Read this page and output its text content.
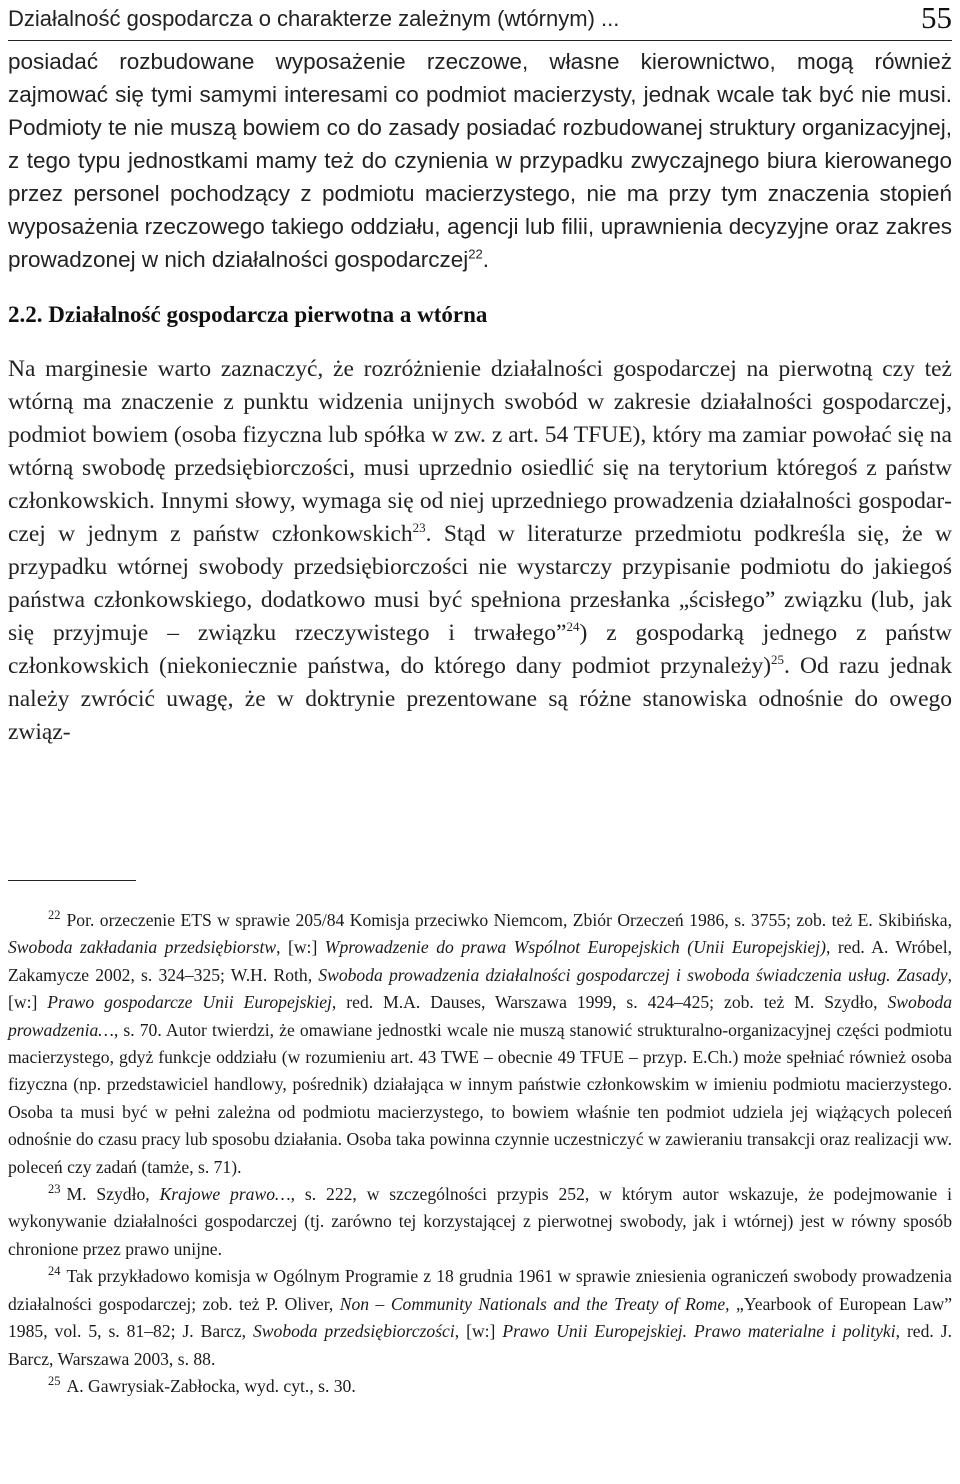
Działalność gospodarcza o charakterze zależnym (wtórnym) ...	55

posiadać rozbudowane wyposażenie rzeczowe, własne kierownictwo, mogą również zajmować się tymi samymi interesami co podmiot macierzysty, jednak wcale tak być nie musi. Podmioty te nie muszą bowiem co do zasady posiadać rozbudowanej struktury organizacyjnej, z tego typu jednostkami mamy też do czynienia w przypadku zwyczajnego biura kierowanego przez personel pochodzący z podmiotu macierzystego, nie ma przy tym znaczenia stopień wyposażenia rzeczowego takiego oddziału, agencji lub filii, uprawnienia decyzyjne oraz zakres prowadzonej w nich działalności gospodarczej$^{22}$.

2.2. Działalność gospodarcza pierwotna a wtórna

Na marginesie warto zaznaczyć, że rozróżnienie działalności gospodarczej na pierwotną czy też wtórną ma znaczenie z punktu widzenia unijnych swobód w zakresie działalności gospodarczej, podmiot bowiem (osoba fizyczna lub spółka w zw. z art. 54 TFUE), który ma zamiar powołać się na wtórną swobodę przedsiębiorczości, musi uprzednio osiedlić się na terytorium któregoś z państw członkowskich. Innymi słowy, wymaga się od niej uprzedniego prowadzenia działalności gospodarczej w jednym z państw członkowskich$^{23}$. Stąd w literaturze przedmiotu podkreśla się, że w przypadku wtórnej swobody przedsiębiorczości nie wystarczy przypisanie podmiotu do jakiegoś państwa członkowskiego, dodatkowo musi być spełniona przesłanka „ścisłego” związku (lub, jak się przyjmuje – związku rzeczywistego i trwałego”$^{24}$) z gospodarką jednego z państw członkowskich (niekoniecznie państwa, do którego dany podmiot przynależy)$^{25}$. Od razu jednak należy zwrócić uwagę, że w doktrynie prezentowane są różne stanowiska odnośnie do owego związ-

$^{22}$ Por. orzeczenie ETS w sprawie 205/84 Komisja przeciwko Niemcom, Zbiór Orzeczeń 1986, s. 3755; zob. też E. Skibińska, Swoboda zakładania przedsiębiorstw, [w:] Wprowadzenie do prawa Wspólnot Europejskich (Unii Europejskiej), red. A. Wróbel, Zakamycze 2002, s. 324–325; W.H. Roth, Swoboda prowadzenia działalności gospodarczej i swoboda świadczenia usług. Zasady, [w:] Prawo gospodarcze Unii Europejskiej, red. M.A. Dauses, Warszawa 1999, s. 424–425; zob. też M. Szydło, Swoboda prowadzenia…, s. 70. Autor twierdzi, że omawiane jednostki wcale nie muszą stanowić strukturalno-organizacyjnej części podmiotu macierzystego, gdyż funkcje oddziału (w rozumieniu art. 43 TWE – obecnie 49 TFUE – przyp. E.Ch.) może spełniać również osoba fizyczna (np. przedstawiciel handlowy, pośrednik) działająca w innym państwie członkowskim w imieniu podmiotu macierzystego. Osoba ta musi być w pełni zależna od podmiotu macierzystego, to bowiem właśnie ten podmiot udziela jej wiążących poleceń odnośnie do czasu pracy lub sposobu działania. Osoba taka powinna czynnie uczestniczyć w zawieraniu transakcji oraz realizacji ww. poleceń czy zadań (tamże, s. 71).

$^{23}$ M. Szydło, Krajowe prawo…, s. 222, w szczególności przypis 252, w którym autor wskazuje, że podejmowanie i wykonywanie działalności gospodarczej (tj. zarówno tej korzystającej z pierwotnej swobody, jak i wtórnej) jest w równy sposób chronione przez prawo unijne.

$^{24}$ Tak przykładowo komisja w Ogólnym Programie z 18 grudnia 1961 w sprawie zniesienia ograniczeń swobody prowadzenia działalności gospodarczej; zob. też P. Oliver, Non – Community Nationals and the Treaty of Rome, „Yearbook of European Law” 1985, vol. 5, s. 81–82; J. Barcz, Swoboda przedsiębiorczości, [w:] Prawo Unii Europejskiej. Prawo materialne i polityki, red. J. Barcz, Warszawa 2003, s. 88.

$^{25}$ A. Gawrysiak-Zabłocka, wyd. cyt., s. 30.
